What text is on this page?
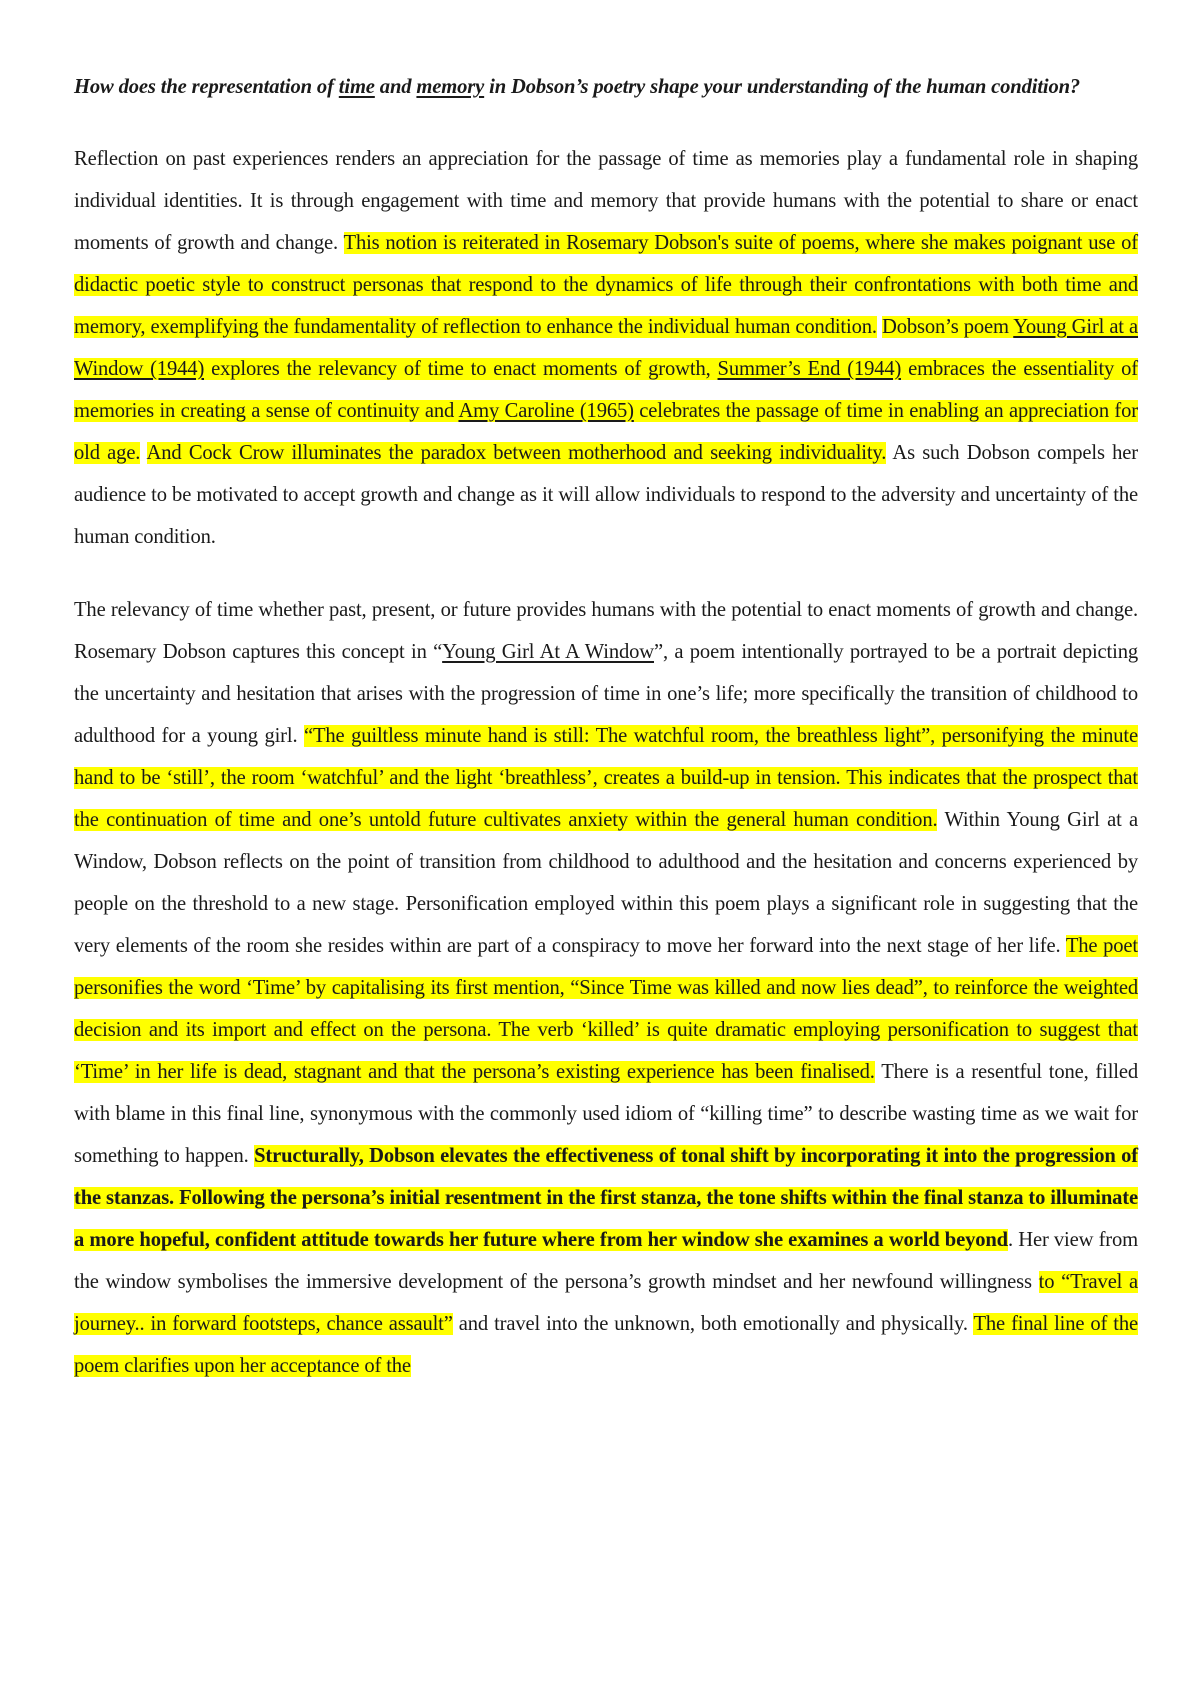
How does the representation of time and memory in Dobson’s poetry shape your understanding of the human condition?

Reflection on past experiences renders an appreciation for the passage of time as memories play a fundamental role in shaping individual identities. It is through engagement with time and memory that provide humans with the potential to share or enact moments of growth and change. This notion is reiterated in Rosemary Dobson's suite of poems, where she makes poignant use of didactic poetic style to construct personas that respond to the dynamics of life through their confrontations with both time and memory, exemplifying the fundamentality of reflection to enhance the individual human condition. Dobson’s poem Young Girl at a Window (1944) explores the relevancy of time to enact moments of growth, Summer’s End (1944) embraces the essentiality of memories in creating a sense of continuity and Amy Caroline (1965) celebrates the passage of time in enabling an appreciation for old age. And Cock Crow illuminates the paradox between motherhood and seeking individuality. As such Dobson compels her audience to be motivated to accept growth and change as it will allow individuals to respond to the adversity and uncertainty of the human condition.

The relevancy of time whether past, present, or future provides humans with the potential to enact moments of growth and change. Rosemary Dobson captures this concept in “Young Girl At A Window”, a poem intentionally portrayed to be a portrait depicting the uncertainty and hesitation that arises with the progression of time in one’s life; more specifically the transition of childhood to adulthood for a young girl. “The guiltless minute hand is still: The watchful room, the breathless light”, personifying the minute hand to be ‘still’, the room ‘watchful’ and the light ‘breathless’, creates a build-up in tension. This indicates that the prospect that the continuation of time and one’s untold future cultivates anxiety within the general human condition. Within Young Girl at a Window, Dobson reflects on the point of transition from childhood to adulthood and the hesitation and concerns experienced by people on the threshold to a new stage. Personification employed within this poem plays a significant role in suggesting that the very elements of the room she resides within are part of a conspiracy to move her forward into the next stage of her life. The poet personifies the word ‘Time’ by capitalising its first mention, “Since Time was killed and now lies dead”, to reinforce the weighted decision and its import and effect on the persona. The verb ‘killed’ is quite dramatic employing personification to suggest that ‘Time’ in her life is dead, stagnant and that the persona’s existing experience has been finalised. There is a resentful tone, filled with blame in this final line, synonymous with the commonly used idiom of “killing time” to describe wasting time as we wait for something to happen. Structurally, Dobson elevates the effectiveness of tonal shift by incorporating it into the progression of the stanzas. Following the persona’s initial resentment in the first stanza, the tone shifts within the final stanza to illuminate a more hopeful, confident attitude towards her future where from her window she examines a world beyond. Her view from the window symbolises the immersive development of the persona’s growth mindset and her newfound willingness to “Travel a journey.. in forward footsteps, chance assault” and travel into the unknown, both emotionally and physically. The final line of the poem clarifies upon her acceptance of the
